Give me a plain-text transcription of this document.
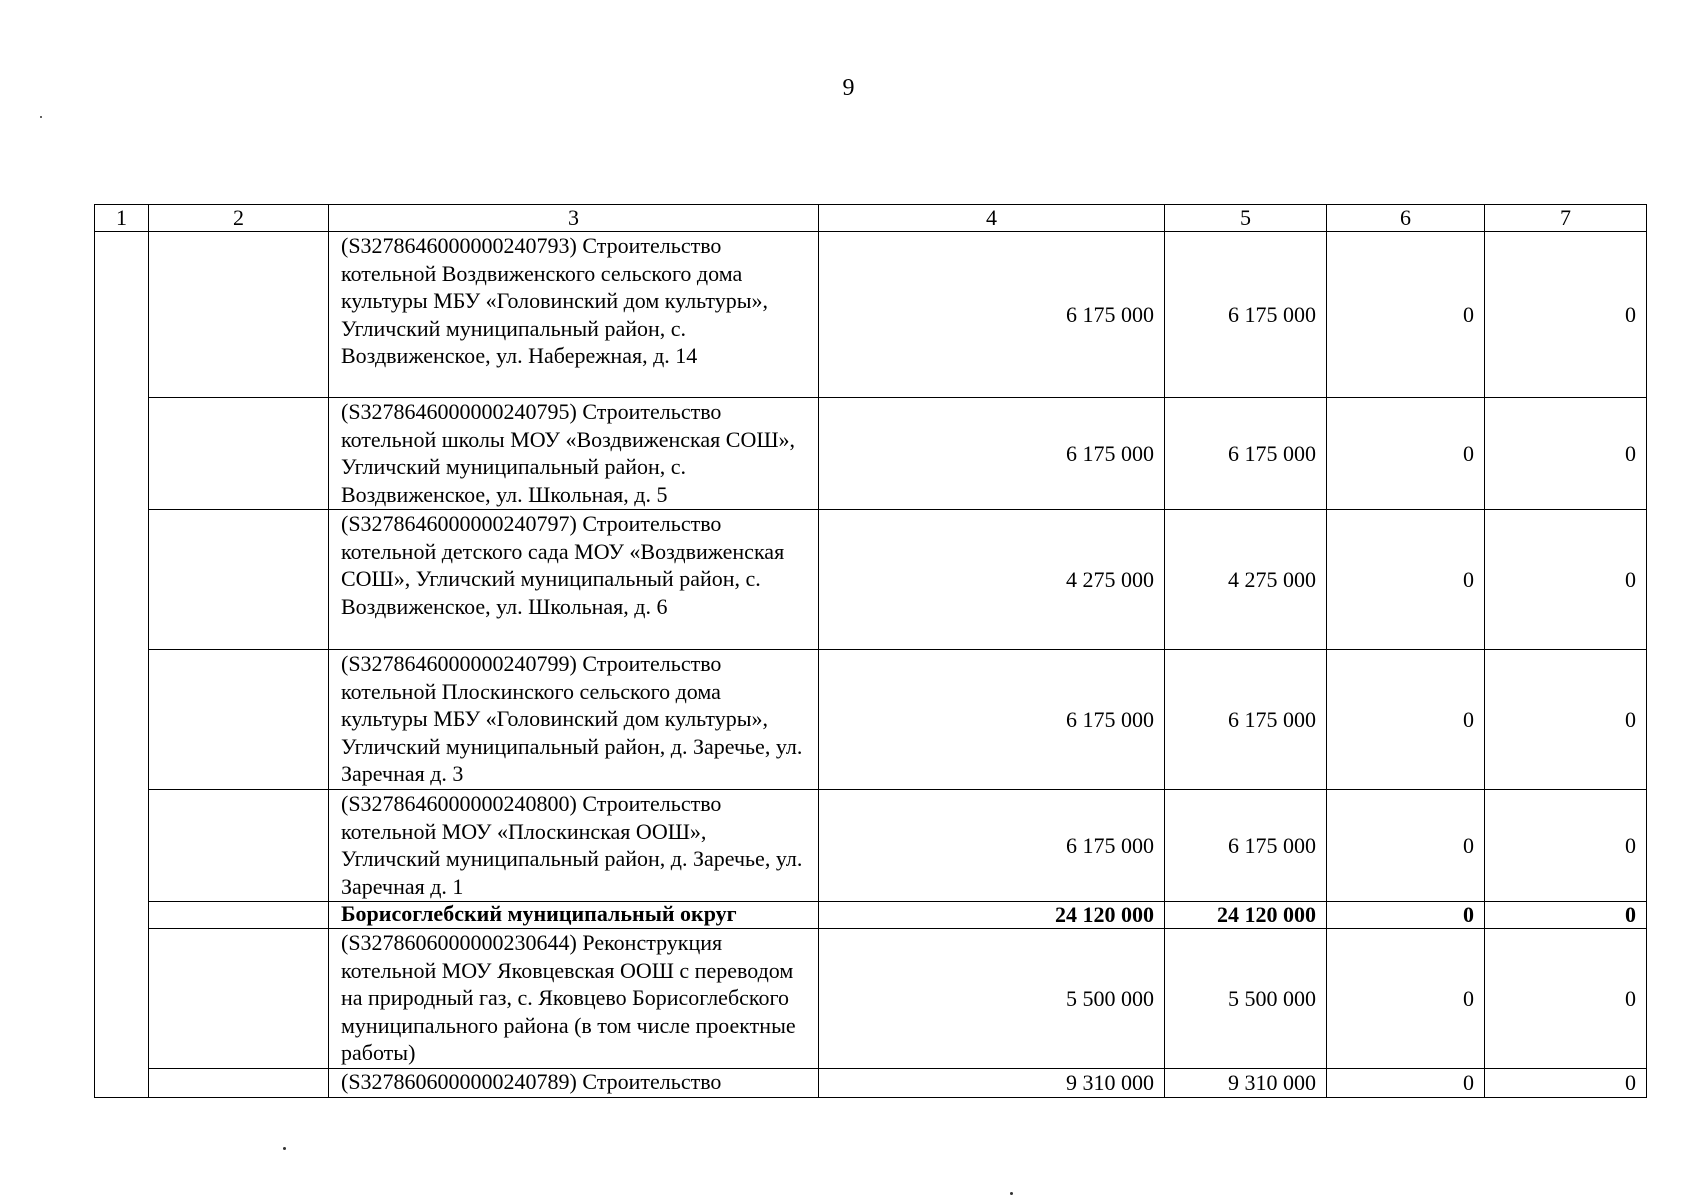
9
1	2	3	4	5	6	7
		(S3278646000000240793) Строительство котельной Воздвиженского сельского дома культуры МБУ «Головинский дом культуры», Угличский муниципальный район, с. Воздвиженское, ул. Набережная, д. 14	6 175 000	6 175 000	0	0
		(S3278646000000240795) Строительство котельной школы МОУ «Воздвиженская СОШ», Угличский муниципальный район, с. Воздвиженское, ул. Школьная, д. 5	6 175 000	6 175 000	0	0
		(S3278646000000240797) Строительство котельной детского сада МОУ «Воздвиженская СОШ», Угличский муниципальный район, с. Воздвиженское, ул. Школьная, д. 6	4 275 000	4 275 000	0	0
		(S3278646000000240799) Строительство котельной Плоскинского сельского дома культуры МБУ «Головинский дом культуры», Угличский муниципальный район, д. Заречье, ул. Заречная д. 3	6 175 000	6 175 000	0	0
		(S3278646000000240800) Строительство котельной МОУ «Плоскинская ООШ», Угличский муниципальный район, д. Заречье, ул. Заречная д. 1	6 175 000	6 175 000	0	0
		Борисоглебский муниципальный округ	24 120 000	24 120 000	0	0
		(S3278606000000230644) Реконструкция котельной МОУ Яковцевская ООШ с переводом на природный газ, с. Яковцево Борисоглебского муниципального района (в том числе проектные работы)	5 500 000	5 500 000	0	0
		(S3278606000000240789) Строительство	9 310 000	9 310 000	0	0
